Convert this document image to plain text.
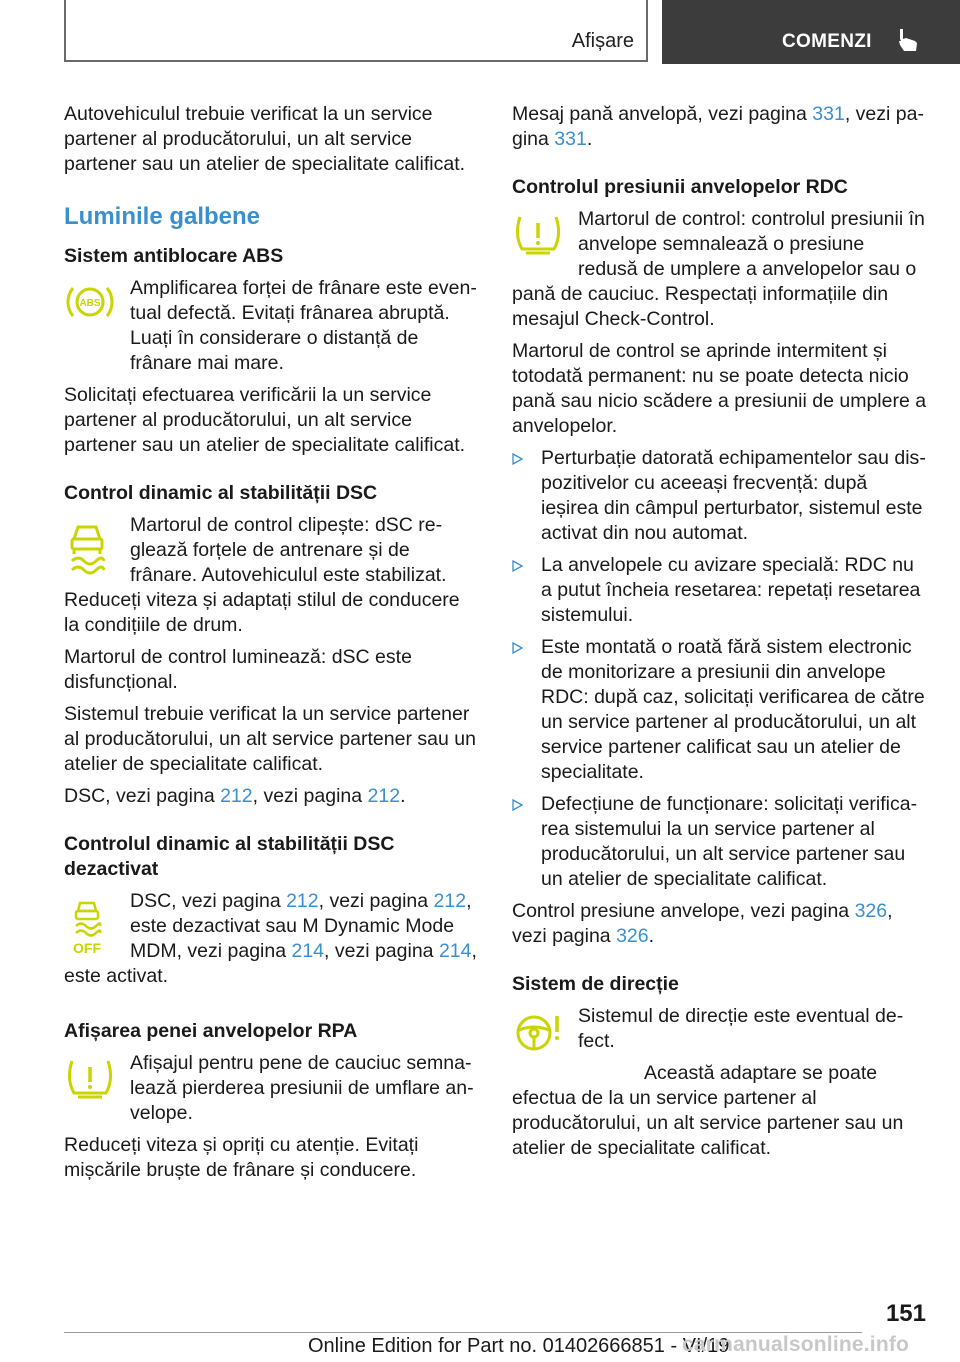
Afișare	COMENZI

Autovehiculul trebuie verificat la un service partener al producătorului, un alt service partener sau un atelier de specialitate calificat.

Luminile galbene
Sistem antiblocare ABS
ABS

Amplificarea forței de frânare este eventual defectă. Evitați frânarea abruptă. Luați în considerare o distanță de frânare mai mare.

Solicitați efectuarea verificării la un service partener al producătorului, un alt service partener sau un atelier de specialitate calificat.

Control dinamic al stabilității DSC

Martorul de control clipește: dSC reglează forțele de antrenare și de frânare. Autovehiculul este stabilizat. Reduceți viteza și adaptați stilul de conducere la condițiile de drum.

Martorul de control luminează: dSC este disfuncțional.

Sistemul trebuie verificat la un service partener al producătorului, un alt service partener sau un atelier de specialitate calificat.

DSC, vezi pagina 212, vezi pagina 212.

Controlul dinamic al stabilității DSC dezactivat
OFF

DSC, vezi pagina 212, vezi pagina 212, este dezactivat sau M Dynamic Mode MDM, vezi pagina 214, vezi pagina 214, este activat.

Afișarea penei anvelopelor RPA

Afișajul pentru pene de cauciuc semnalează pierderea presiunii de umflare anvelope.

Reduceți viteza și opriți cu atenție. Evitați mișcările bruște de frânare și conducere.

Mesaj pană anvelopă, vezi pagina 331, vezi pagina 331.

Controlul presiunii anvelopelor RDC

Martorul de control: controlul presiunii în anvelope semnalează o presiune redusă de umplere a anvelopelor sau o pană de cauciuc. Respectați informațiile din mesajul Check-Control.

Martorul de control se aprinde intermitent și totodată permanent: nu se poate detecta nicio pană sau nicio scădere a presiunii de umplere a anvelopelor.

Perturbație datorată echipamentelor sau dispozitivelor cu aceeași frecvență: după ieșirea din câmpul perturbator, sistemul este activat din nou automat.
La anvelopele cu avizare specială: RDC nu a putut încheia resetarea: repetați resetarea sistemului.
Este montată o roată fără sistem electronic de monitorizare a presiunii din anvelope RDC: după caz, solicitați verificarea de către un service partener al producătorului, un alt service partener calificat sau un atelier de specialitate.
Defecțiune de funcționare: solicitați verificarea sistemului la un service partener al producătorului, un alt service partener sau un atelier de specialitate calificat.

Control presiune anvelope, vezi pagina 326, vezi pagina 326.

Sistem de direcție

Sistemul de direcție este eventual defect.

Această adaptare se poate efectua de la un service partener al producătorului, un alt service partener sau un atelier de specialitate calificat.

151
Online Edition for Part no. 01402666851 - VI/19
carmanualsonline.info
